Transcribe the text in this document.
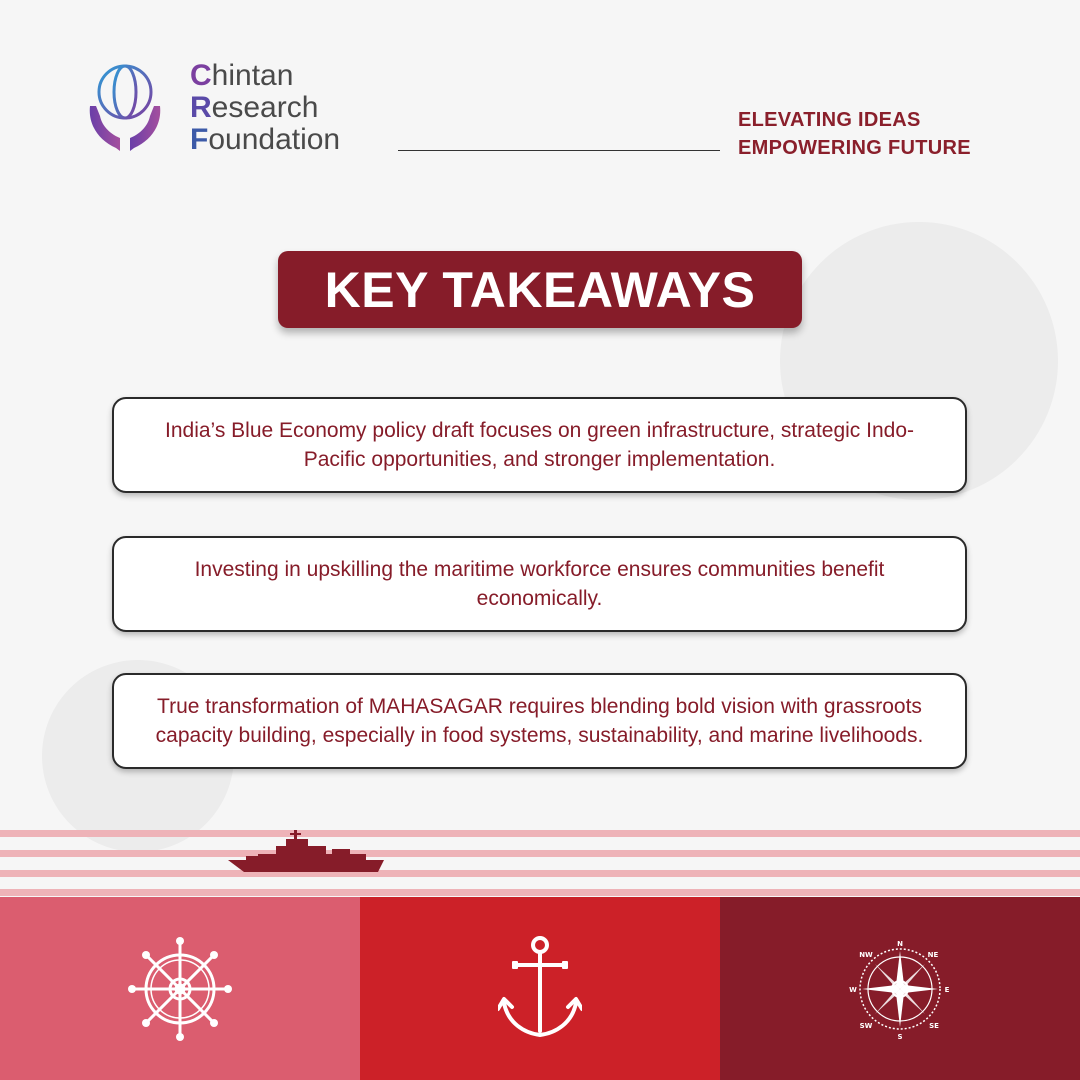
Chintan
Research
Foundation
ELEVATING IDEAS
EMPOWERING FUTURE
KEY TAKEAWAYS

India’s Blue Economy policy draft focuses on green infrastructure, strategic Indo-Pacific opportunities, and stronger implementation.

Investing in upskilling the maritime workforce ensures communities benefit economically.

True transformation of MAHASAGAR requires blending bold vision with grassroots capacity building, especially in food systems, sustainability, and marine livelihoods.

N
S
E
W
NE
NW
SE
SW
